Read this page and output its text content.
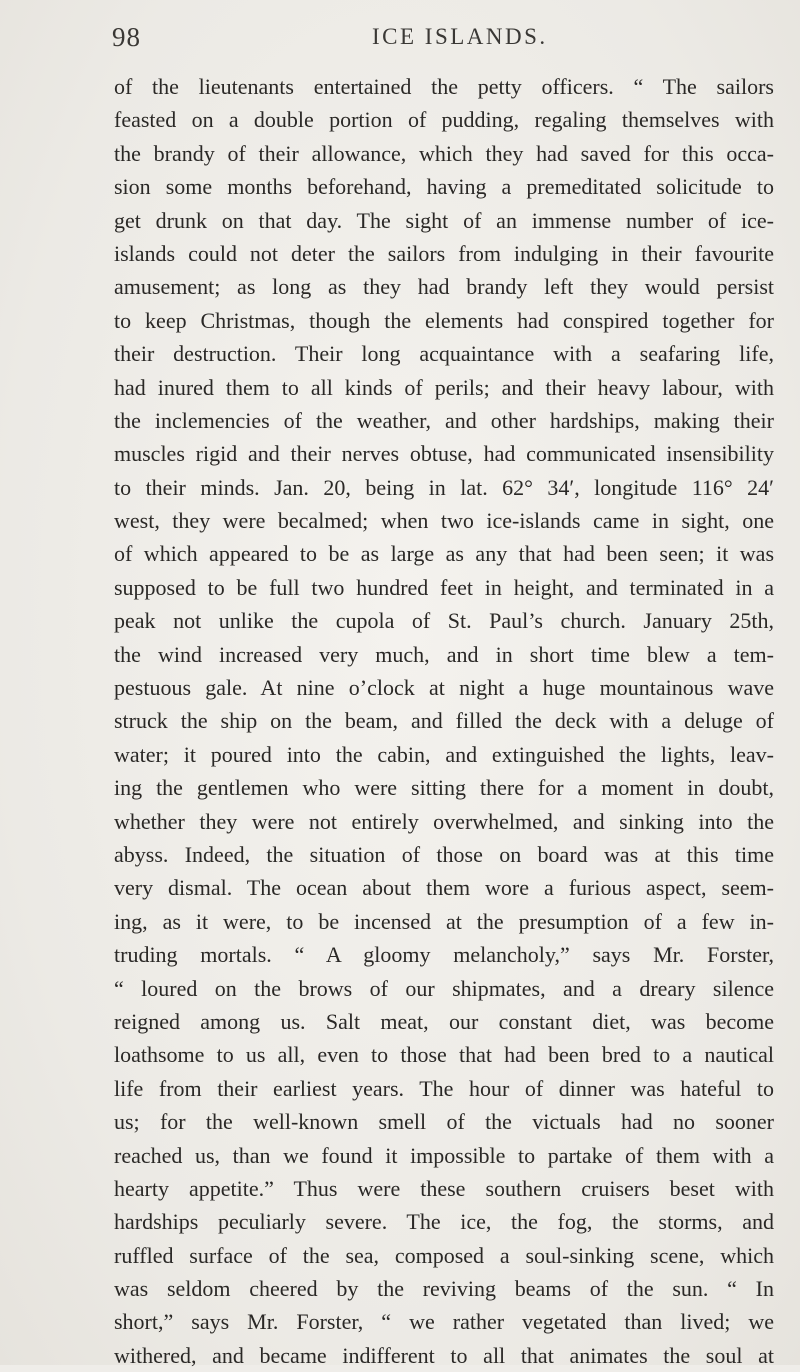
98	ICE ISLANDS.
of the lieutenants entertained the petty officers. “ The sailors
feasted on a double portion of pudding, regaling themselves with
the brandy of their allowance, which they had saved for this occa-
sion some months beforehand, having a premeditated solicitude to
get drunk on that day. The sight of an immense number of ice-
islands could not deter the sailors from indulging in their favourite
amusement; as long as they had brandy left they would persist
to keep Christmas, though the elements had conspired together for
their destruction. Their long acquaintance with a seafaring life,
had inured them to all kinds of perils; and their heavy labour, with
the inclemencies of the weather, and other hardships, making their
muscles rigid and their nerves obtuse, had communicated insensibility
to their minds. Jan. 20, being in lat. 62° 34′, longitude 116° 24′
west, they were becalmed; when two ice-islands came in sight, one
of which appeared to be as large as any that had been seen; it was
supposed to be full two hundred feet in height, and terminated in a
peak not unlike the cupola of St. Paul’s church. January 25th,
the wind increased very much, and in short time blew a tem-
pestuous gale. At nine o’clock at night a huge mountainous wave
struck the ship on the beam, and filled the deck with a deluge of
water; it poured into the cabin, and extinguished the lights, leav-
ing the gentlemen who were sitting there for a moment in doubt,
whether they were not entirely overwhelmed, and sinking into the
abyss. Indeed, the situation of those on board was at this time
very dismal. The ocean about them wore a furious aspect, seem-
ing, as it were, to be incensed at the presumption of a few in-
truding mortals. “ A gloomy melancholy,” says Mr. Forster,
“ loured on the brows of our shipmates, and a dreary silence
reigned among us. Salt meat, our constant diet, was become
loathsome to us all, even to those that had been bred to a nautical
life from their earliest years. The hour of dinner was hateful to
us; for the well-known smell of the victuals had no sooner
reached us, than we found it impossible to partake of them with a
hearty appetite.” Thus were these southern cruisers beset with
hardships peculiarly severe. The ice, the fog, the storms, and
ruffled surface of the sea, composed a soul-sinking scene, which
was seldom cheered by the reviving beams of the sun. “ In
short,” says Mr. Forster, “ we rather vegetated than lived; we
withered, and became indifferent to all that animates the soul at
